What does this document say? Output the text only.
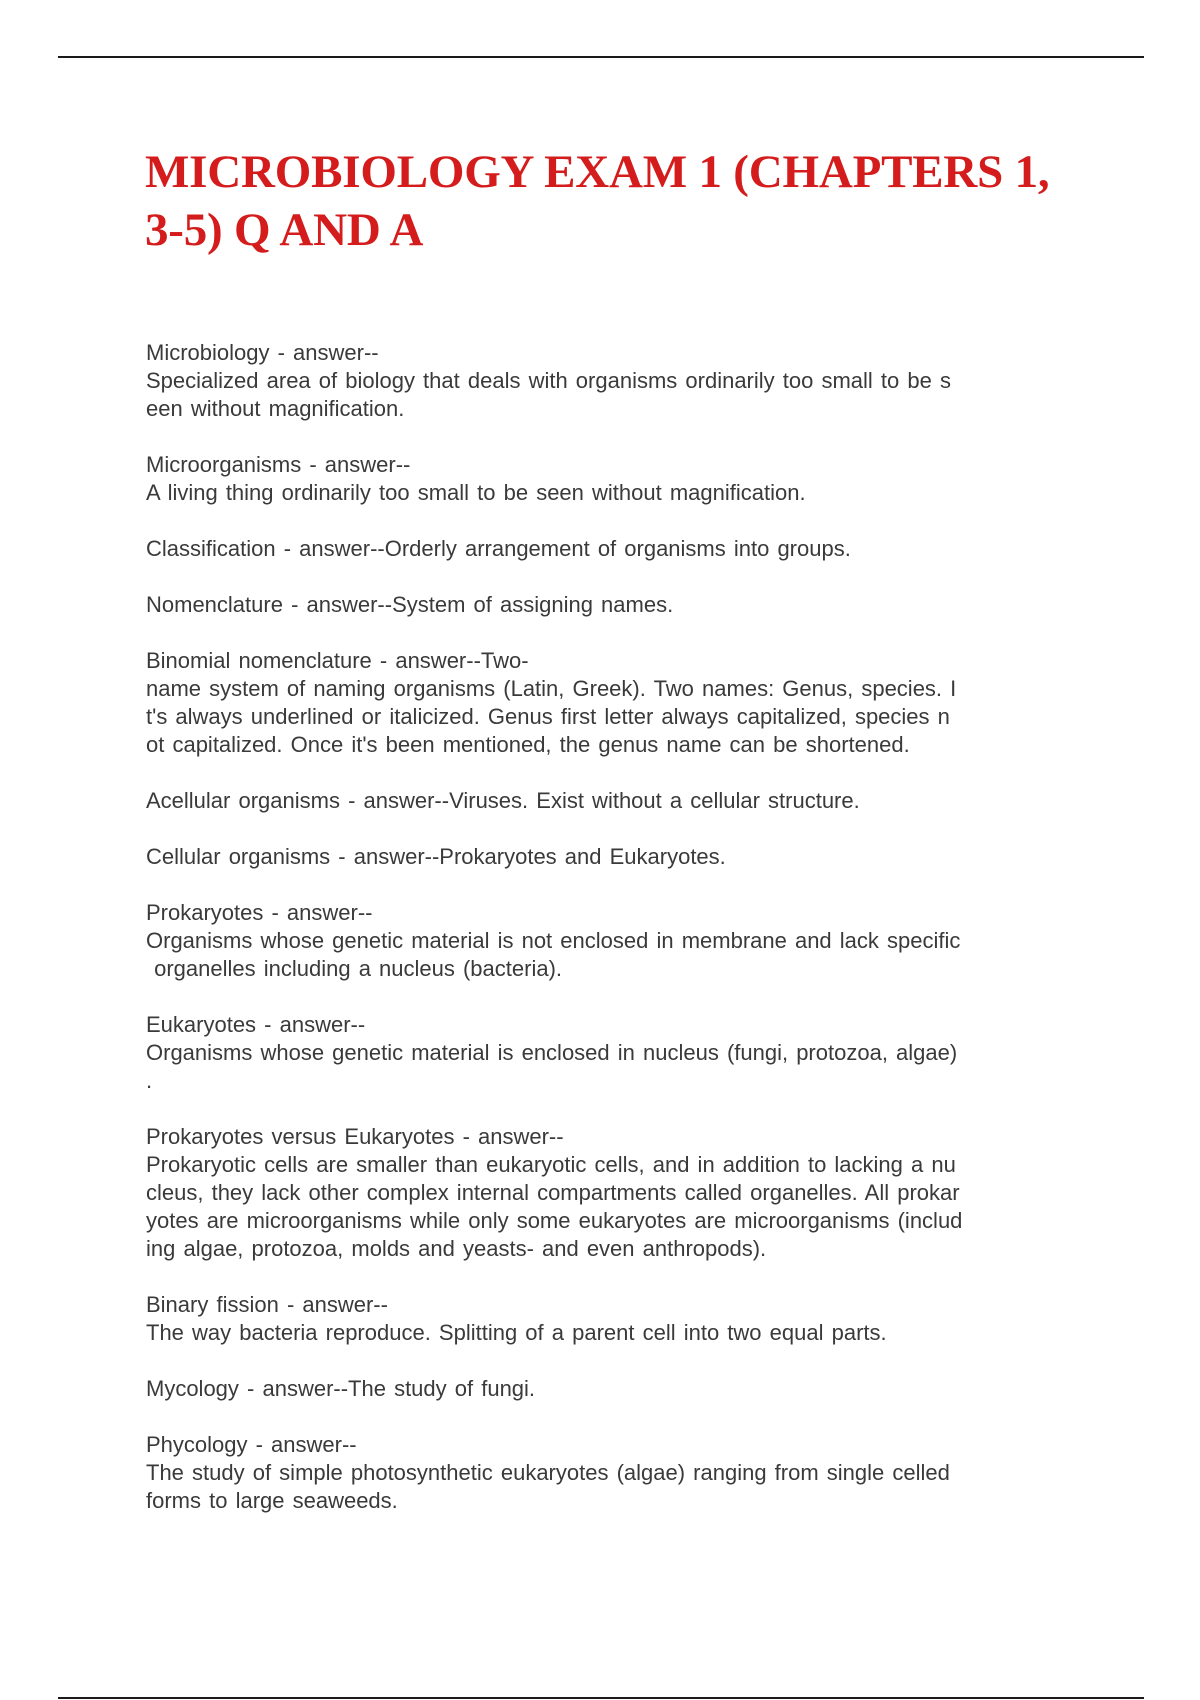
MICROBIOLOGY EXAM 1 (CHAPTERS 1, 3-5) Q AND A

Microbiology - answer--
Specialized area of biology that deals with organisms ordinarily too small to be s
een without magnification.

Microorganisms - answer--
A living thing ordinarily too small to be seen without magnification.

Classification - answer--Orderly arrangement of organisms into groups.

Nomenclature - answer--System of assigning names.

Binomial nomenclature - answer--Two-
name system of naming organisms (Latin, Greek). Two names: Genus, species. I
t's always underlined or italicized. Genus first letter always capitalized, species n
ot capitalized. Once it's been mentioned, the genus name can be shortened.

Acellular organisms - answer--Viruses. Exist without a cellular structure.

Cellular organisms - answer--Prokaryotes and Eukaryotes.

Prokaryotes - answer--
Organisms whose genetic material is not enclosed in membrane and lack specific
organelles including a nucleus (bacteria).

Eukaryotes - answer--
Organisms whose genetic material is enclosed in nucleus (fungi, protozoa, algae)
.

Prokaryotes versus Eukaryotes - answer--
Prokaryotic cells are smaller than eukaryotic cells, and in addition to lacking a nu
cleus, they lack other complex internal compartments called organelles. All prokar
yotes are microorganisms while only some eukaryotes are microorganisms (includ
ing algae, protozoa, molds and yeasts- and even anthropods).

Binary fission - answer--
The way bacteria reproduce. Splitting of a parent cell into two equal parts.

Mycology - answer--The study of fungi.

Phycology - answer--
The study of simple photosynthetic eukaryotes (algae) ranging from single celled
forms to large seaweeds.
